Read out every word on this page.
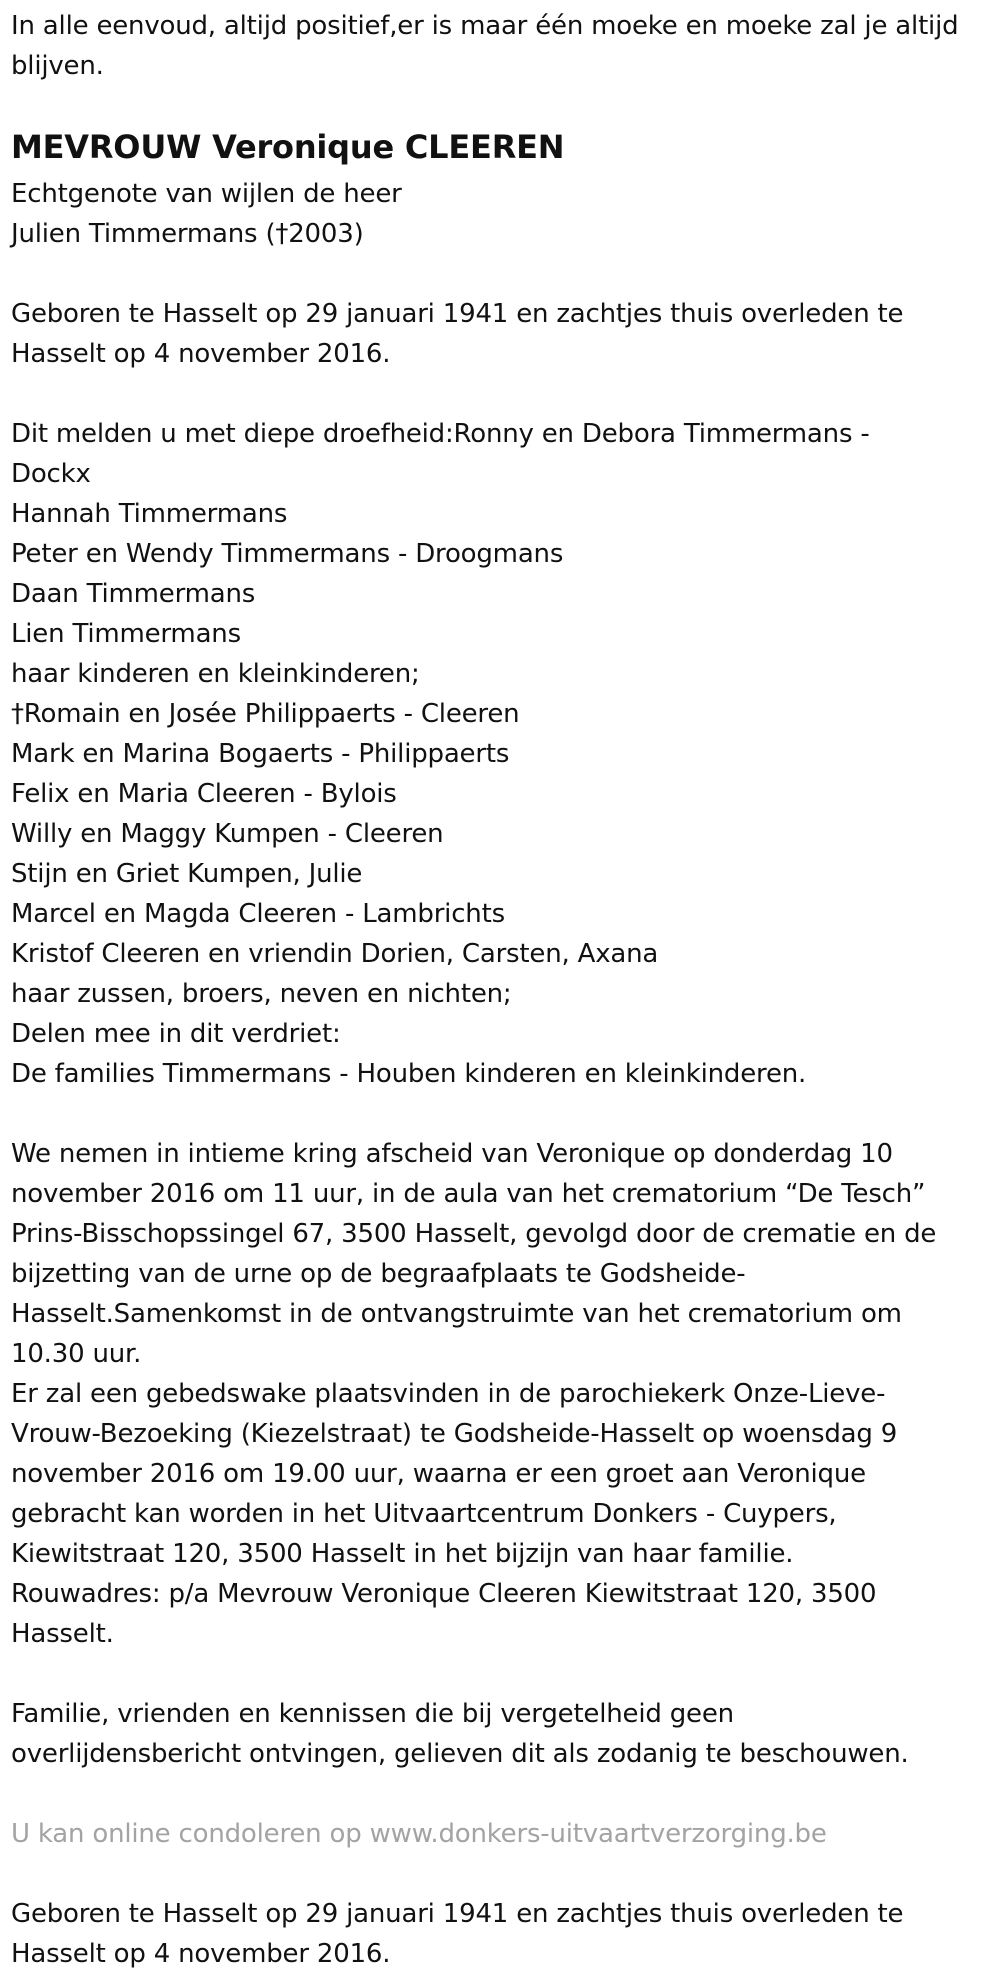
In alle eenvoud, altijd positief,er is maar één moeke en moeke zal je altijd
blijven.
MEVROUW Veronique CLEEREN
Echtgenote van wijlen de heer
Julien Timmermans (†2003)
Geboren te Hasselt op 29 januari 1941 en zachtjes thuis overleden te
Hasselt op 4 november 2016.
Dit melden u met diepe droefheid:Ronny en Debora Timmermans -
Dockx
Hannah Timmermans
Peter en Wendy Timmermans - Droogmans
Daan Timmermans
Lien Timmermans
haar kinderen en kleinkinderen;
†Romain en Josée Philippaerts - Cleeren
Mark en Marina Bogaerts - Philippaerts
Felix en Maria Cleeren - Bylois
Willy en Maggy Kumpen - Cleeren
Stijn en Griet Kumpen, Julie
Marcel en Magda Cleeren - Lambrichts
Kristof Cleeren en vriendin Dorien, Carsten, Axana
haar zussen, broers, neven en nichten;
Delen mee in dit verdriet:
De families Timmermans - Houben kinderen en kleinkinderen.
We nemen in intieme kring afscheid van Veronique op donderdag 10
november 2016 om 11 uur, in de aula van het crematorium “De Tesch”
Prins-Bisschopssingel 67, 3500 Hasselt, gevolgd door de crematie en de
bijzetting van de urne op de begraafplaats te Godsheide-
Hasselt.Samenkomst in de ontvangstruimte van het crematorium om
10.30 uur.
Er zal een gebedswake plaatsvinden in de parochiekerk Onze-Lieve-
Vrouw-Bezoeking (Kiezelstraat) te Godsheide-Hasselt op woensdag 9
november 2016 om 19.00 uur, waarna er een groet aan Veronique
gebracht kan worden in het Uitvaartcentrum Donkers - Cuypers,
Kiewitstraat 120, 3500 Hasselt in het bijzijn van haar familie.
Rouwadres: p/a Mevrouw Veronique Cleeren Kiewitstraat 120, 3500
Hasselt.
Familie, vrienden en kennissen die bij vergetelheid geen
overlijdensbericht ontvingen, gelieven dit als zodanig te beschouwen.
U kan online condoleren op www.donkers-uitvaartverzorging.be
Geboren te Hasselt op 29 januari 1941 en zachtjes thuis overleden te
Hasselt op 4 november 2016.
